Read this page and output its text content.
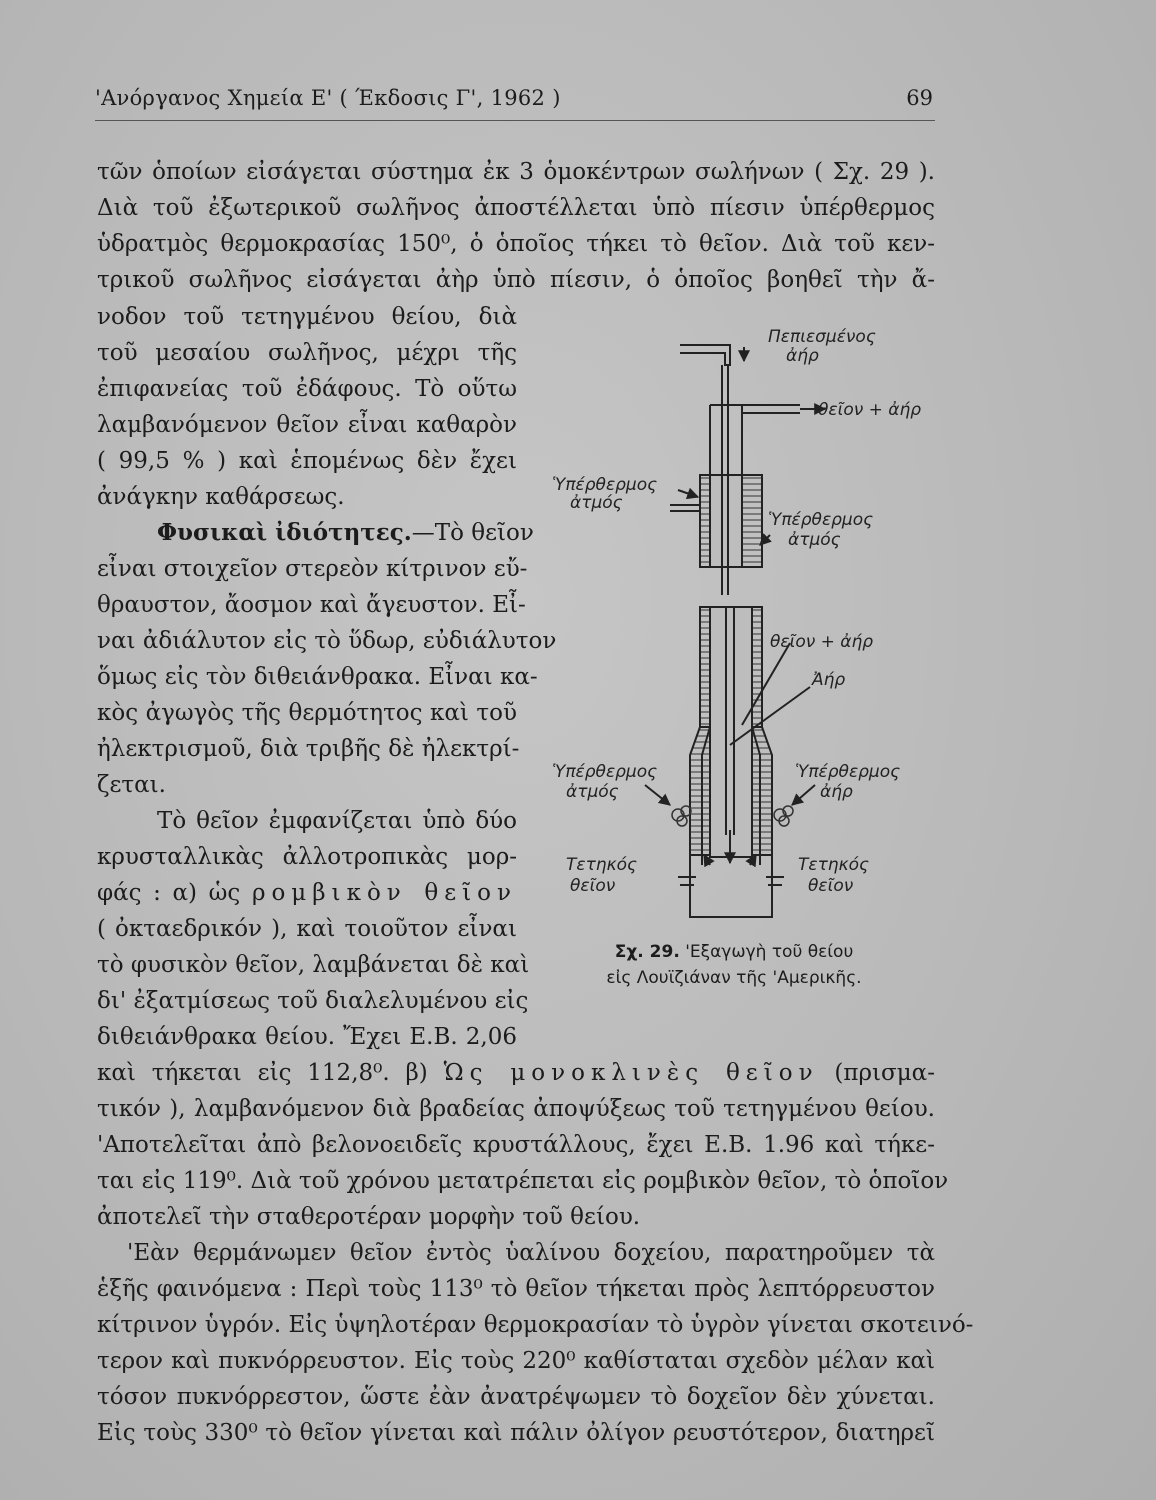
'Ανόργανος Χημεία Ε' ( Έκδοσις Γ', 1962 )	69
τῶν ὁποίων εἰσάγεται σύστημα ἐκ 3 ὁμοκέντρων σωλήνων ( Σχ. 29 ).
Διὰ τοῦ ἐξωτερικοῦ σωλῆνος ἀποστέλλεται ὑπὸ πίεσιν ὑπέρθερμος
ὑδρατμὸς θερμοκρασίας 150⁰, ὁ ὁποῖος τήκει τὸ θεῖον. Διὰ τοῦ κεν-
τρικοῦ σωλῆνος εἰσάγεται ἀὴρ ὑπὸ πίεσιν, ὁ ὁποῖος βοηθεῖ τὴν ἄ-
νοδον τοῦ τετηγμένου θείου, διὰ
τοῦ μεσαίου σωλῆνος, μέχρι τῆς
ἐπιφανείας τοῦ ἐδάφους. Τὸ οὕτω
λαμβανόμενον θεῖον εἶναι καθαρὸν
( 99,5 % ) καὶ ἑπομένως δὲν ἔχει
ἀνάγκην καθάρσεως.
Φυσικαὶ ἰδιότητες.—Τὸ θεῖον
εἶναι στοιχεῖον στερεὸν κίτρινον εὔ-
θραυστον, ἄοσμον καὶ ἄγευστον. Εἶ-
ναι ἀδιάλυτον εἰς τὸ ὕδωρ, εὐδιάλυτον
ὅμως εἰς τὸν διθειάνθρακα. Εἶναι κα-
κὸς ἀγωγὸς τῆς θερμότητος καὶ τοῦ
ἠλεκτρισμοῦ, διὰ τριβῆς δὲ ἠλεκτρί-
ζεται.
Τὸ θεῖον ἐμφανίζεται ὑπὸ δύο
κρυσταλλικὰς ἀλλοτροπικὰς μορ-
φάς : α) ὡς ρομβικὸν θεῖον
( ὀκταεδρικόν ), καὶ τοιοῦτον εἶναι
τὸ φυσικὸν θεῖον, λαμβάνεται δὲ καὶ
δι' ἐξατμίσεως τοῦ διαλελυμένου εἰς
διθειάνθρακα θείου. Ἔχει Ε.Β. 2,06
καὶ τήκεται εἰς 112,8⁰. β) Ὡς μονοκλινὲς θεῖον (πρισμα-
τικόν ), λαμβανόμενον διὰ βραδείας ἀποψύξεως τοῦ τετηγμένου θείου.
'Αποτελεῖται ἀπὸ βελονοειδεῖς κρυστάλλους, ἔχει Ε.Β. 1.96 καὶ τήκε-
ται εἰς 119⁰. Διὰ τοῦ χρόνου μετατρέπεται εἰς ρομβικὸν θεῖον, τὸ ὁποῖον
ἀποτελεῖ τὴν σταθεροτέραν μορφὴν τοῦ θείου.
'Εὰν θερμάνωμεν θεῖον ἐντὸς ὑαλίνου δοχείου, παρατηροῦμεν τὰ
ἑξῆς φαινόμενα : Περὶ τοὺς 113⁰ τὸ θεῖον τήκεται πρὸς λεπτόρρευστον
κίτρινον ὑγρόν. Εἰς ὑψηλοτέραν θερμοκρασίαν τὸ ὑγρὸν γίνεται σκοτεινό-
τερον καὶ πυκνόρρευστον. Εἰς τοὺς 220⁰ καθίσταται σχεδὸν μέλαν καὶ
τόσον πυκνόρρεστον, ὥστε ἐὰν ἀνατρέψωμεν τὸ δοχεῖον δὲν χύνεται.
Εἰς τοὺς 330⁰ τὸ θεῖον γίνεται καὶ πάλιν ὀλίγον ρευστότερον, διατηρεῖ
Πεπιεσμένος
ἀήρ
θεῖον + ἀήρ
Ὑπέρθερμος
ἀτμός
Ὑπέρθερμος
ἀτμός
θεῖον + ἀήρ
Ἀήρ
Ὑπέρθερμος
ἀτμός
Ὑπέρθερμος
ἀήρ
Τετηκός
θεῖον
Τετηκός
θεῖον
Σχ. 29. 'Εξαγωγὴ τοῦ θείου
εἰς Λουϊζιάναν τῆς 'Αμερικῆς.
